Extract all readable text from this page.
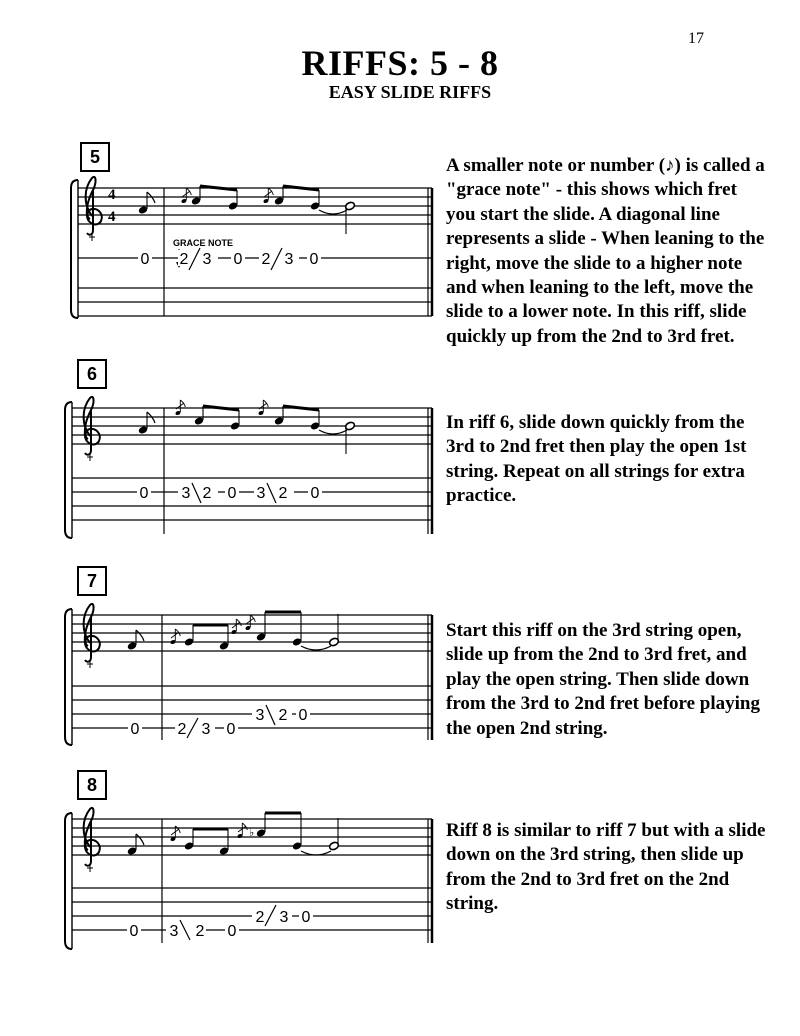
17
RIFFS: 5 - 8
EASY SLIDE RIFFS
5
6
7
8

A smaller note or number (♪) is called a "grace note" - this shows which fret you start the slide. A diagonal line represents a slide - When leaning to the right, move the slide to a higher note and when leaning to the left, move the slide to a lower note. In this riff, slide quickly up from the 2nd to 3rd fret.

In riff 6, slide down quickly from the 3rd to 2nd fret then play the open 1st string. Repeat on all strings for extra practice.

Start this riff on the 3rd string open, slide up from the 2nd to 3rd fret, and play the open string. Then slide down from the 3rd to 2nd fret before playing the open 2nd string.

Riff 8 is similar to riff 7 but with a slide down on the 3rd string, then slide up from the 2nd to 3rd fret on the 2nd string.

4
4
GRACE NOTE
0 2 3 0 2 3 0
0 3 2 0 3 2 0
0 2 3 0
3 2 0
♭
0 3 2 0
2 3 0
